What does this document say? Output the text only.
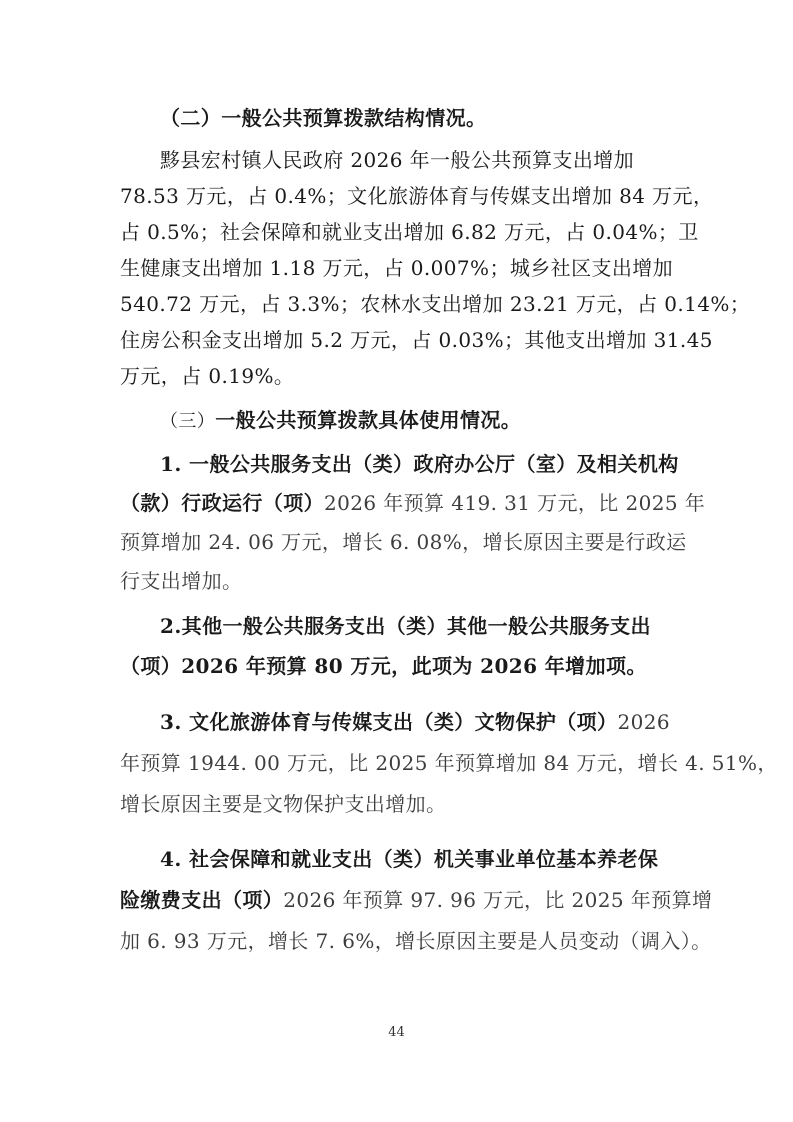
（二）一般公共预算拨款结构情况。
黟县宏村镇人民政府 2026 年一般公共预算支出增加
78.53 万元，占 0.4%；文化旅游体育与传媒支出增加 84 万元，
占 0.5%；社会保障和就业支出增加 6.82 万元，占 0.04%；卫
生健康支出增加 1.18 万元，占 0.007%；城乡社区支出增加
540.72 万元，占 3.3%；农林水支出增加 23.21 万元，占 0.14%；
住房公积金支出增加 5.2 万元，占 0.03%；其他支出增加 31.45
万元，占 0.19%。
（三）一般公共预算拨款具体使用情况。
1. 一般公共服务支出（类）政府办公厅（室）及相关机构
（款）行政运行（项）2026 年预算 419. 31 万元，比 2025 年
预算增加 24. 06 万元，增长 6. 08%，增长原因主要是行政运
行支出增加。
2.其他一般公共服务支出（类）其他一般公共服务支出
（项）2026 年预算 80 万元，此项为 2026 年增加项。
3. 文化旅游体育与传媒支出（类）文物保护（项）2026
年预算 1944. 00 万元，比 2025 年预算增加 84 万元，增长 4. 51%，
增长原因主要是文物保护支出增加。
4. 社会保障和就业支出（类）机关事业单位基本养老保
险缴费支出（项）2026 年预算 97. 96 万元，比 2025 年预算增
加 6. 93 万元，增长 7. 6%，增长原因主要是人员变动（调入）。
44
